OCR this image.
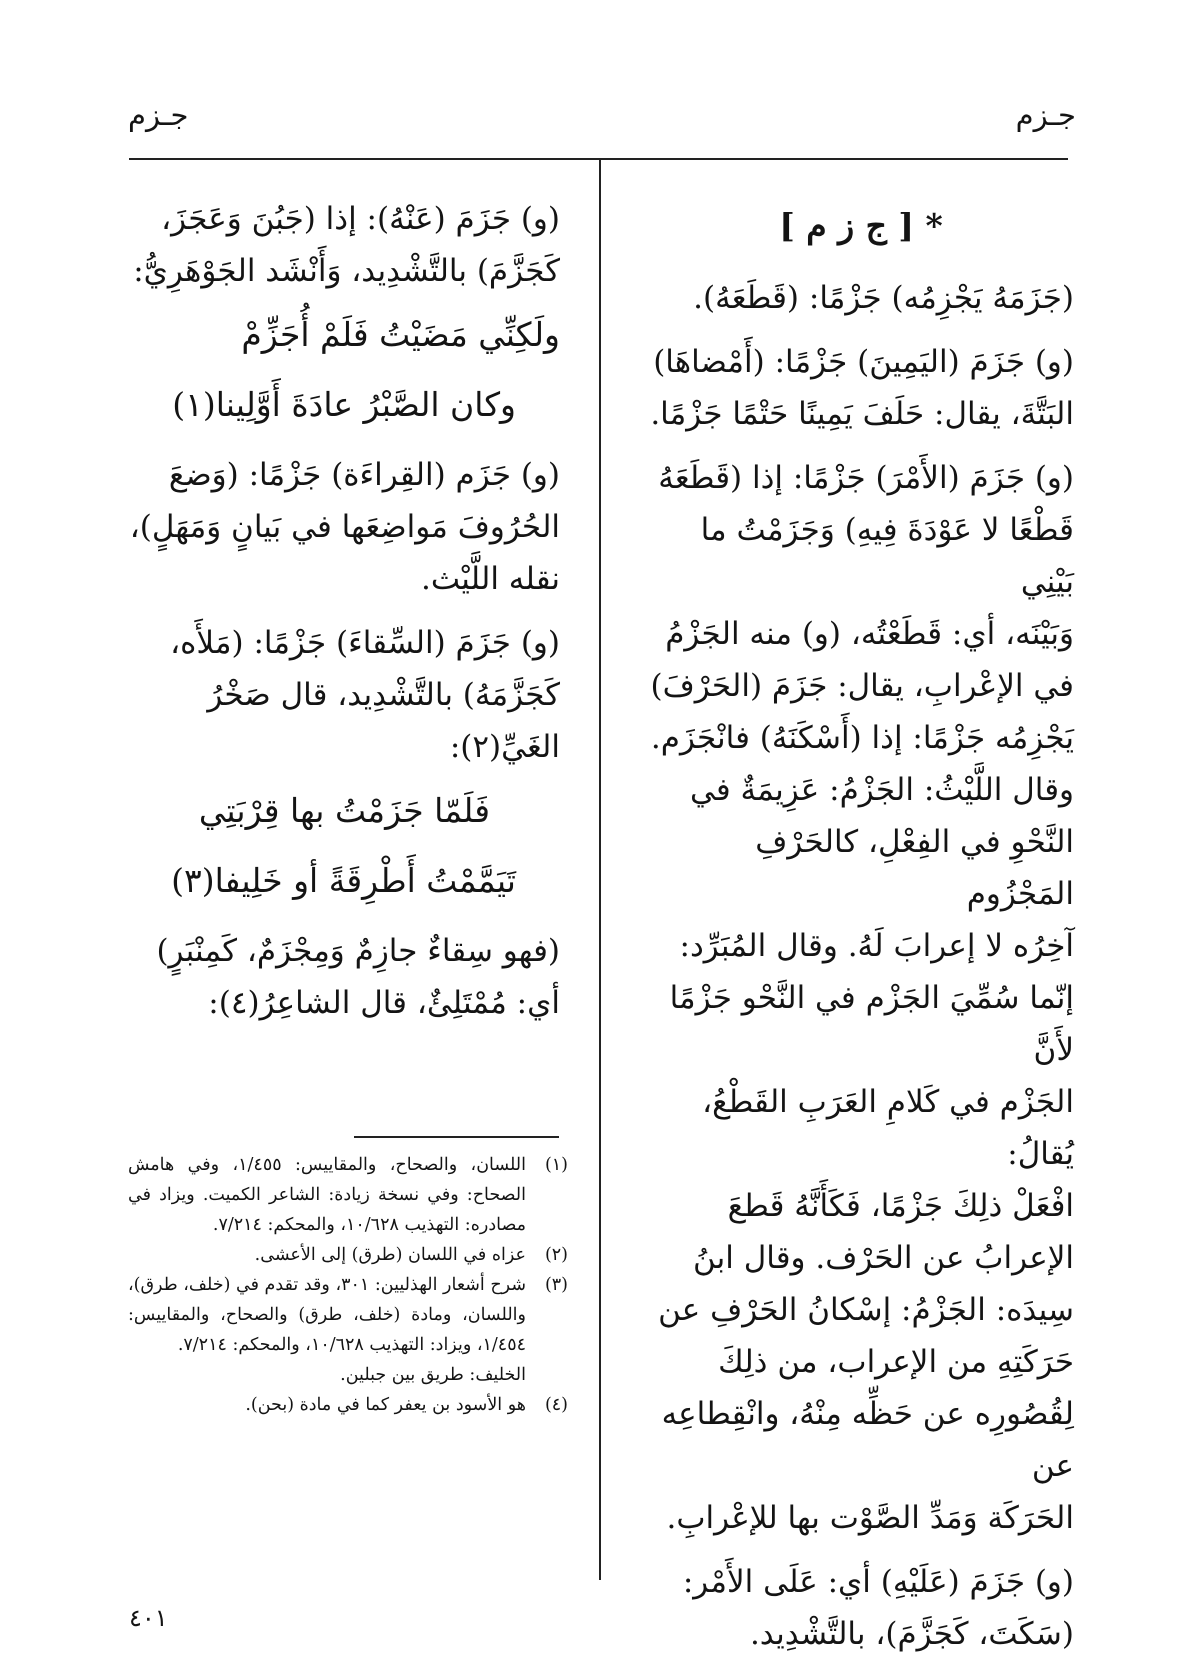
جـزم
جـزم
* [ ج ز م ]

(جَزَمَهُ يَجْزِمُه) جَزْمًا: (قَطَعَهُ).

(و) جَزَمَ (اليَمِينَ) جَزْمًا: (أَمْضاهَا)
البَتَّةَ، يقال: حَلَفَ يَمِينًا حَتْمًا جَزْمًا.

(و) جَزَمَ (الأَمْرَ) جَزْمًا: إذا (قَطَعَهُ
قَطْعًا لا عَوْدَةَ فِيهِ) وَجَزَمْتُ ما بَيْنِي
وَبَيْنَه، أي: قَطَعْتُه، (و) منه الجَزْمُ
في الإعْرابِ، يقال: جَزَمَ (الحَرْفَ)
يَجْزِمُه جَزْمًا: إذا (أَسْكَنَهُ) فانْجَزَم.
وقال اللَّيْثُ: الجَزْمُ: عَزِيمَةٌ في
النَّحْوِ في الفِعْلِ، كالحَرْفِ المَجْزُوم
آخِرُه لا إعرابَ لَهُ. وقال المُبَرِّد:
إنّما سُمِّيَ الجَزْم في النَّحْو جَزْمًا لأَنَّ
الجَزْم في كَلامِ العَرَبِ القَطْعُ، يُقالُ:
افْعَلْ ذلِكَ جَزْمًا، فَكَأَنَّهُ قَطعَ
الإعرابُ عن الحَرْف. وقال ابنُ
سِيدَه: الجَزْمُ: إسْكانُ الحَرْفِ عن
حَرَكَتِهِ من الإعراب، من ذلِكَ
لِقُصُورِه عن حَظِّه مِنْهُ، وانْقِطاعِه عن
الحَرَكَة وَمَدِّ الصَّوْت بها للإعْرابِ.

(و) جَزَمَ (عَلَيْهِ) أي: عَلَى الأَمْر:
(سَكَتَ، كَجَزَّمَ)، بالتَّشْدِيد.

(و) جَزَمَ (عَنْهُ): إذا (جَبُنَ وَعَجَزَ،
كَجَزَّمَ) بالتَّشْدِيد، وَأَنْشَد الجَوْهَرِيُّ:
ولَكِنِّي مَضَيْتُ فَلَمْ أُجَزِّمْ
وكان الصَّبْرُ عادَةَ أَوَّلِينا(١)

(و) جَزَم (القِراءَة) جَزْمًا: (وَضعَ
الحُرُوفَ مَواضِعَها في بَيانٍ وَمَهَلٍ)،
نقله اللَّيْث.

(و) جَزَمَ (السِّقاءَ) جَزْمًا: (مَلأَه،
كَجَزَّمَهُ) بالتَّشْدِيد، قال صَخْرُ
الغَيِّ(٢):
فَلَمّا جَزَمْتُ بها قِرْبَتِي
تَيَمَّمْتُ أَطْرِقَةً أو خَلِيفا(٣)

(فهو سِقاءٌ جازِمٌ وَمِجْزَمٌ، كَمِنْبَرٍ)
أي: مُمْتَلِئٌ، قال الشاعِرُ(٤):

(١)
اللسان، والصحاح، والمقاييس: ١/٤٥٥، وفي هامش الصحاح: وفي نسخة زيادة: الشاعر الكميت. ويزاد في مصادره: التهذيب ١٠/٦٢٨، والمحكم: ٧/٢١٤.
(٢)
عزاه في اللسان (طرق) إلى الأعشى.
(٣)
شرح أشعار الهذليين: ٣٠١، وقد تقدم في (خلف، طرق)، واللسان، ومادة (خلف، طرق) والصحاح، والمقاييس: ١/٤٥٤، ويزاد: التهذيب ١٠/٦٢٨، والمحكم: ٧/٢١٤.
الخليف: طريق بين جبلين.
(٤)
هو الأسود بن يعفر كما في مادة (بحن).
٤٠١
